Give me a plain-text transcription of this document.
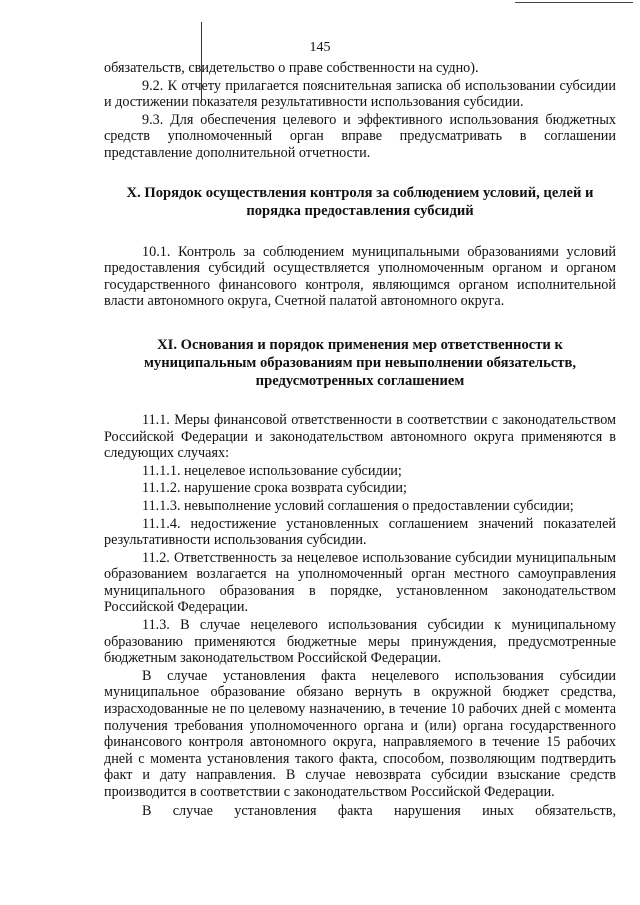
145

обязательств, свидетельство о праве собственности на судно).

9.2. К отчету прилагается пояснительная записка об использовании субсидии и достижении показателя результативности использования субсидии.

9.3. Для обеспечения целевого и эффективного использования бюджетных средств уполномоченный орган вправе предусматривать в соглашении представление дополнительной отчетности.

X. Порядок осуществления контроля за соблюдением условий, целей и порядка предоставления субсидий

10.1. Контроль за соблюдением муниципальными образованиями условий предоставления субсидий осуществляется уполномоченным органом и органом государственного финансового контроля, являющимся органом исполнительной власти автономного округа, Счетной палатой автономного округа.

XI. Основания и порядок применения мер ответственности к муниципальным образованиям при невыполнении обязательств, предусмотренных соглашением

11.1. Меры финансовой ответственности в соответствии с законодательством Российской Федерации и законодательством автономного округа применяются в следующих случаях:

11.1.1. нецелевое использование субсидии;

11.1.2. нарушение срока возврата субсидии;

11.1.3. невыполнение условий соглашения о предоставлении субсидии;

11.1.4. недостижение установленных соглашением значений показателей результативности использования субсидии.

11.2. Ответственность за нецелевое использование субсидии муниципальным образованием возлагается на уполномоченный орган местного самоуправления муниципального образования в порядке, установленном законодательством Российской Федерации.

11.3. В случае нецелевого использования субсидии к муниципальному образованию применяются бюджетные меры принуждения, предусмотренные бюджетным законодательством Российской Федерации.

В случае установления факта нецелевого использования субсидии муниципальное образование обязано вернуть в окружной бюджет средства, израсходованные не по целевому назначению, в течение 10 рабочих дней с момента получения требования уполномоченного органа и (или) органа государственного финансового контроля автономного округа, направляемого в течение 15 рабочих дней с момента установления такого факта, способом, позволяющим подтвердить факт и дату направления. В случае невозврата субсидии взыскание средств производится в соответствии с законодательством Российской Федерации.

В случае установления факта нарушения иных обязательств,
